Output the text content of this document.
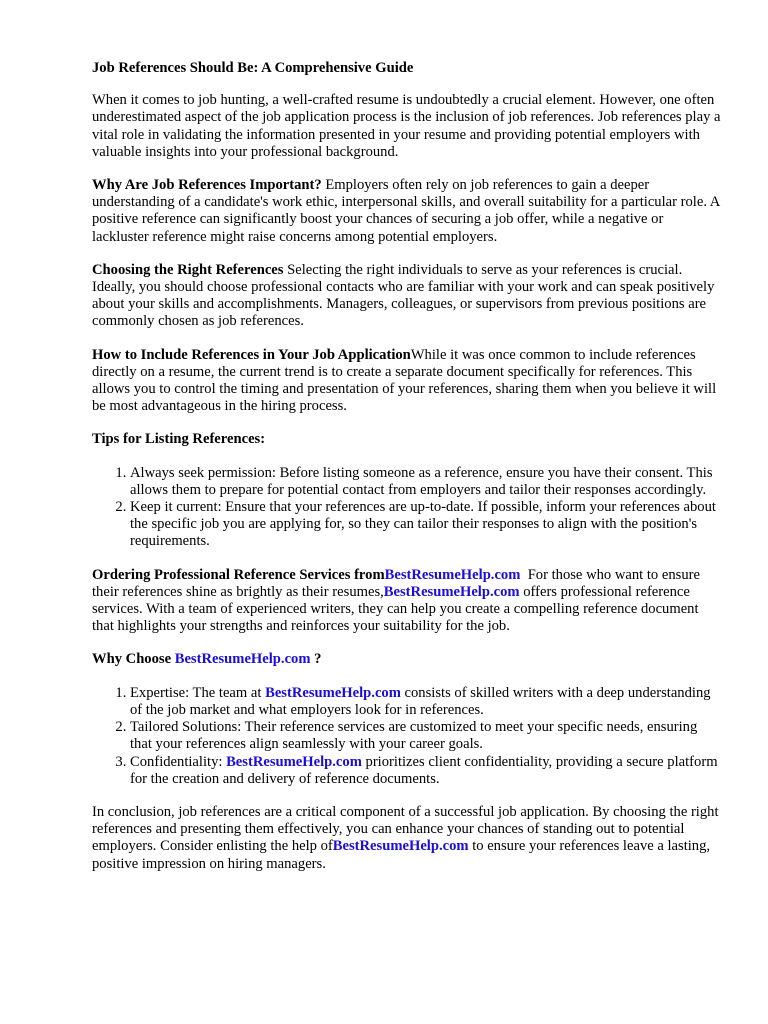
Job References Should Be: A Comprehensive Guide

When it comes to job hunting, a well-crafted resume is undoubtedly a crucial element. However, one often underestimated aspect of the job application process is the inclusion of job references. Job references play a vital role in validating the information presented in your resume and providing potential employers with valuable insights into your professional background.

Why Are Job References Important? Employers often rely on job references to gain a deeper understanding of a candidate's work ethic, interpersonal skills, and overall suitability for a particular role. A positive reference can significantly boost your chances of securing a job offer, while a negative or lackluster reference might raise concerns among potential employers.

Choosing the Right References Selecting the right individuals to serve as your references is crucial. Ideally, you should choose professional contacts who are familiar with your work and can speak positively about your skills and accomplishments. Managers, colleagues, or supervisors from previous positions are commonly chosen as job references.

How to Include References in Your Job ApplicationWhile it was once common to include references directly on a resume, the current trend is to create a separate document specifically for references. This allows you to control the timing and presentation of your references, sharing them when you believe it will be most advantageous in the hiring process.

Tips for Listing References:
1. Always seek permission: Before listing someone as a reference, ensure you have their consent. This allows them to prepare for potential contact from employers and tailor their responses accordingly.
2. Keep it current: Ensure that your references are up-to-date. If possible, inform your references about the specific job you are applying for, so they can tailor their responses to align with the position's requirements.

Ordering Professional Reference Services fromBestResumeHelp.com For those who want to ensure their references shine as brightly as their resumes,BestResumeHelp.com offers professional reference services. With a team of experienced writers, they can help you create a compelling reference document that highlights your strengths and reinforces your suitability for the job.

Why Choose BestResumeHelp.com ?
1. Expertise: The team at BestResumeHelp.com consists of skilled writers with a deep understanding of the job market and what employers look for in references.
2. Tailored Solutions: Their reference services are customized to meet your specific needs, ensuring that your references align seamlessly with your career goals.
3. Confidentiality: BestResumeHelp.com prioritizes client confidentiality, providing a secure platform for the creation and delivery of reference documents.

In conclusion, job references are a critical component of a successful job application. By choosing the right references and presenting them effectively, you can enhance your chances of standing out to potential employers. Consider enlisting the help ofBestResumeHelp.com to ensure your references leave a lasting, positive impression on hiring managers.
